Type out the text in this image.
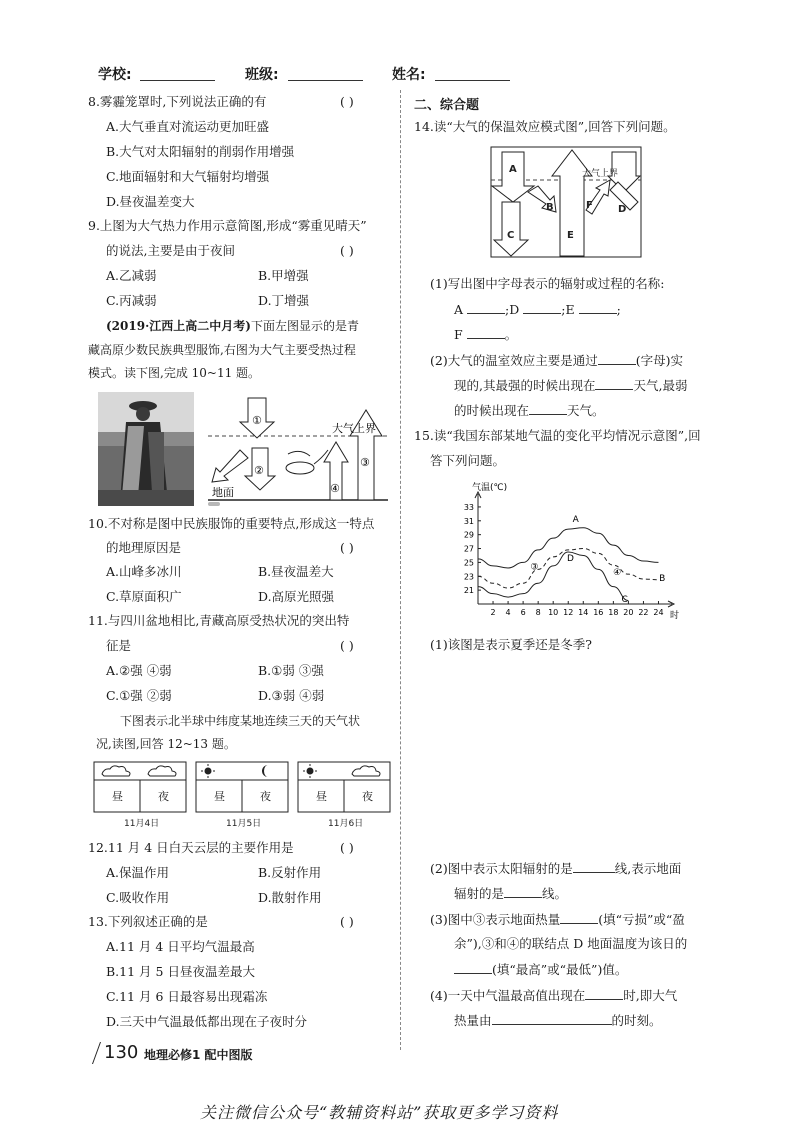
学校:	班级:	姓名:
8.雾霾笼罩时,下列说法正确的有	( )
A.大气垂直对流运动更加旺盛
B.大气对太阳辐射的削弱作用增强
C.地面辐射和大气辐射均增强
D.昼夜温差变大
9.上图为大气热力作用示意简图,形成“雾重见晴天”
的说法,主要是由于夜间	( )
A.乙减弱	B.甲增强
C.丙减弱	D.丁增强
(2019·江西上高二中月考)下面左图显示的是青
藏高原少数民族典型服饰,右图为大气主要受热过程
模式。读下图,完成 10~11 题。
①
②
③
④
大气上界
地面
10.不对称是图中民族服饰的重要特点,形成这一特点
的地理原因是	( )
A.山峰多冰川	B.昼夜温差大
C.草原面积广	D.高原光照强
11.与四川盆地相比,青藏高原受热状况的突出特
征是	( )
A.②强 ④弱	B.①弱 ③强
C.①强 ②弱	D.③弱 ④弱
下图表示北半球中纬度某地连续三天的天气状
况,读图,回答 12~13 题。
昼	夜	昼	夜	昼	夜
11月4日	11月5日	11月6日
12.11 月 4 日白天云层的主要作用是	( )
A.保温作用	B.反射作用
C.吸收作用	D.散射作用
13.下列叙述正确的是	( )
A.11 月 4 日平均气温最高
B.11 月 5 日昼夜温差最大
C.11 月 6 日最容易出现霜冻
D.三天中气温最低都出现在子夜时分
二、综合题
14.读“大气的保温效应模式图”,回答下列问题。
A
B
C
D
E
F
大气上界
(1)写出图中字母表示的辐射或过程的名称:
A	;D	;E	;
F	。
(2)大气的温室效应主要是通过	(字母)实
现的,其最强的时候出现在	天气,最弱
的时候出现在	天气。
15.读“我国东部某地气温的变化平均情况示意图”,回
答下列问题。
2 4 6 8 10 12 14 16 18 20 22 24
21
23
25
27
29
31
33
A
B
C
D
③
④
气温(℃)
时
(1)该图是表示夏季还是冬季?
(2)图中表示太阳辐射的是	线,表示地面
辐射的是	线。
(3)图中③表示地面热量	(填“亏损”或“盈
余”),③和④的联结点 D 地面温度为该日的
(填“最高”或“最低”)值。
(4)一天中气温最高值出现在	时,即大气
热量由	的时刻。
130 地理必修1 配中图版
关注微信公众号“教辅资料站”获取更多学习资料
